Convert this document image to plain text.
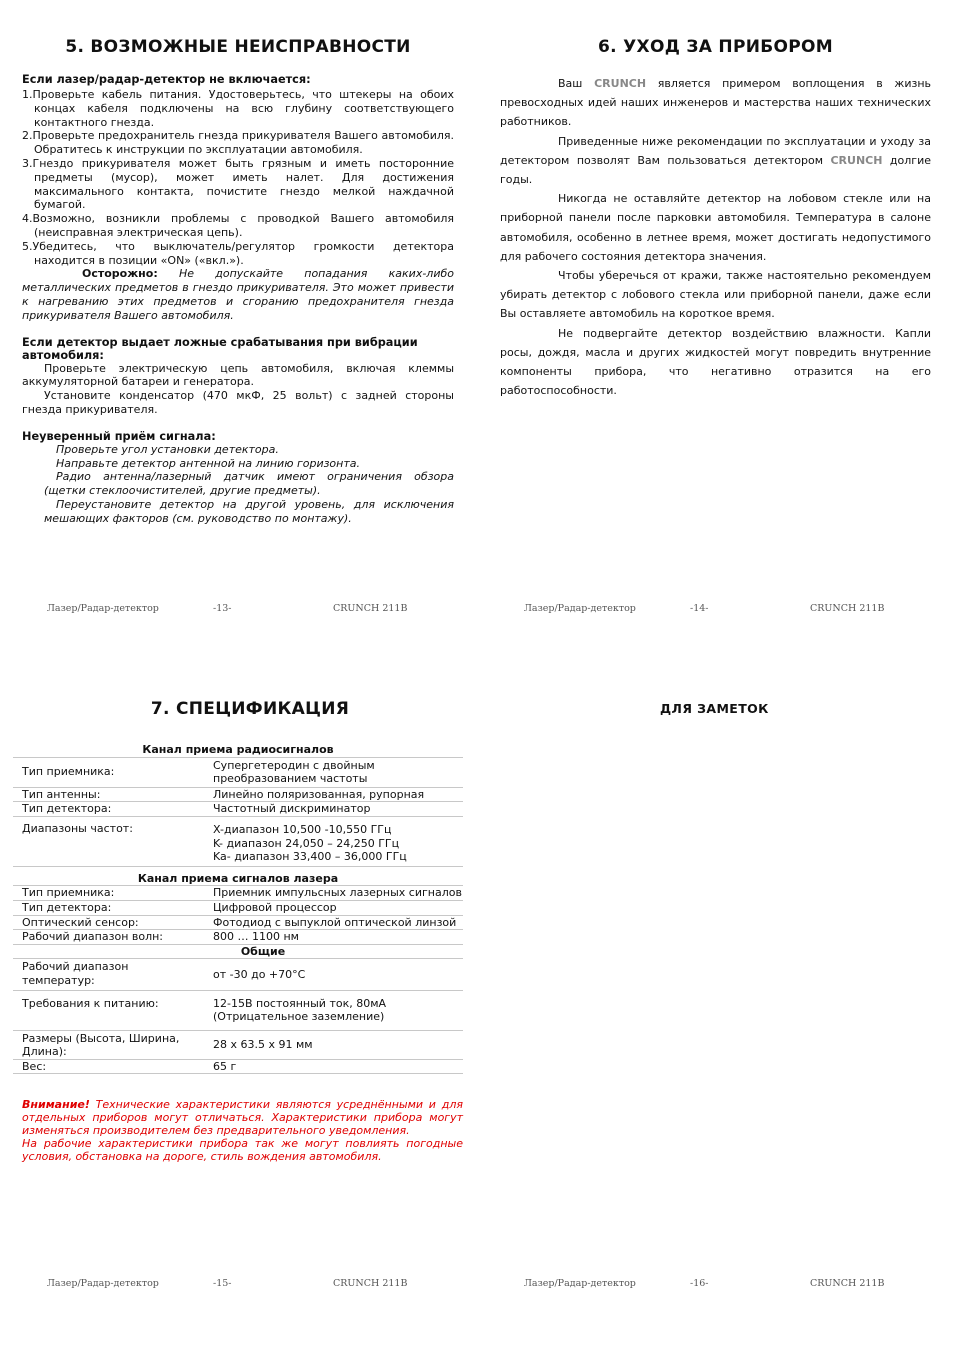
5. ВОЗМОЖНЫЕ НЕИСПРАВНОСТИ
Если лазер/радар-детектор не включается:
1.Проверьте кабель питания. Удостоверьтесь, что штекеры на обоих концах кабеля подключены на всю глубину соответствующего контактного гнезда.
2.Проверьте предохранитель гнезда прикуривателя Вашего автомобиля. Обратитесь к инструкции по эксплуатации автомобиля.
3.Гнездо прикуривателя может быть грязным и иметь посторонние предметы (мусор), может иметь налет. Для достижения максимального контакта, почистите гнездо мелкой наждачной бумагой.
4.Возможно, возникли проблемы с проводкой Вашего автомобиля (неисправная электрическая цепь).
5.Убедитесь, что выключатель/регулятор громкости детектора находится в позиции «ON» («вкл.»).
Осторожно: Не допускайте попадания каких-либо металлических предметов в гнездо прикуривателя. Это может привести к нагреванию этих предметов и сгоранию предохранителя гнезда прикуривателя Вашего автомобиля.
Если детектор выдает ложные срабатывания при вибрации автомобиля:
Проверьте электрическую цепь автомобиля, включая клеммы аккумуляторной батареи и генератора.
Установите конденсатор (470 мкФ, 25 вольт) с задней стороны гнезда прикуривателя.
Неуверенный приём сигнала:
Проверьте угол установки детектора.
Направьте детектор антенной на линию горизонта.
Радио антенна/лазерный датчик имеют ограничения обзора (щетки стеклоочистителей, другие предметы).
Переустановите детектор на другой уровень, для исключения мешающих факторов (см. руководство по монтажу).
Лазер/Радар-детектор	-13-	CRUNCH 211B
6. УХОД ЗА ПРИБОРОМ

Ваш CRUNCH является примером воплощения в жизнь превосходных идей наших инженеров и мастерства наших технических работников.

Приведенные ниже рекомендации по эксплуатации и уходу за детектором позволят Вам пользоваться детектором CRUNCH долгие годы.

Никогда не оставляйте детектор на лобовом стекле или на приборной панели после парковки автомобиля. Температура в салоне автомобиля, особенно в летнее время, может достигать недопустимого для рабочего состояния детектора значения.

Чтобы уберечься от кражи, также настоятельно рекомендуем убирать детектор с лобового стекла или приборной панели, даже если Вы оставляете автомобиль на короткое время.

Не подвергайте детектор воздействию влажности. Капли росы, дождя, масла и других жидкостей могут повредить внутренние компоненты прибора, что негативно отразится на его работоспособности.

Лазер/Радар-детектор	-14-	CRUNCH 211B
7. СПЕЦИФИКАЦИЯ
Канал приема радиосигналов	
Тип приемника:	Супергетеродин с двойным преобразованием частоты
Тип антенны:	Линейно поляризованная, рупорная
Тип детектора:	Частотный дискриминатор
Диапазоны частот:	X-диапазон 10,500 -10,550 ГГц
K- диапазон 24,050 – 24,250 ГГц
Ka- диапазон 33,400 – 36,000 ГГц

Канал приема сигналов лазера	
Тип приемника:	Приемник импульсных лазерных сигналов
Тип детектора:	Цифровой процессор
Оптический сенсор:	Фотодиод с выпуклой оптической линзой
Рабочий диапазон волн:	800 … 1100 нм
Общие	
Рабочий диапазон температур:	от -30 до +70°С
Требования к питанию:	12-15В постоянный ток, 80мА (Отрицательное заземление)
Размеры (Высота, Ширина, Длина):	28 x 63.5 x 91 мм
Вес:	65 г
Внимание! Технические характеристики являются усреднёнными и для отдельных приборов могут отличаться. Характеристики прибора могут изменяться производителем без предварительного уведомления.
На рабочие характеристики прибора так же могут повлиять погодные условия, обстановка на дороге, стиль вождения автомобиля.
Лазер/Радар-детектор	-15-	CRUNCH 211B
ДЛЯ ЗАМЕТОК
Лазер/Радар-детектор	-16-	CRUNCH 211B
